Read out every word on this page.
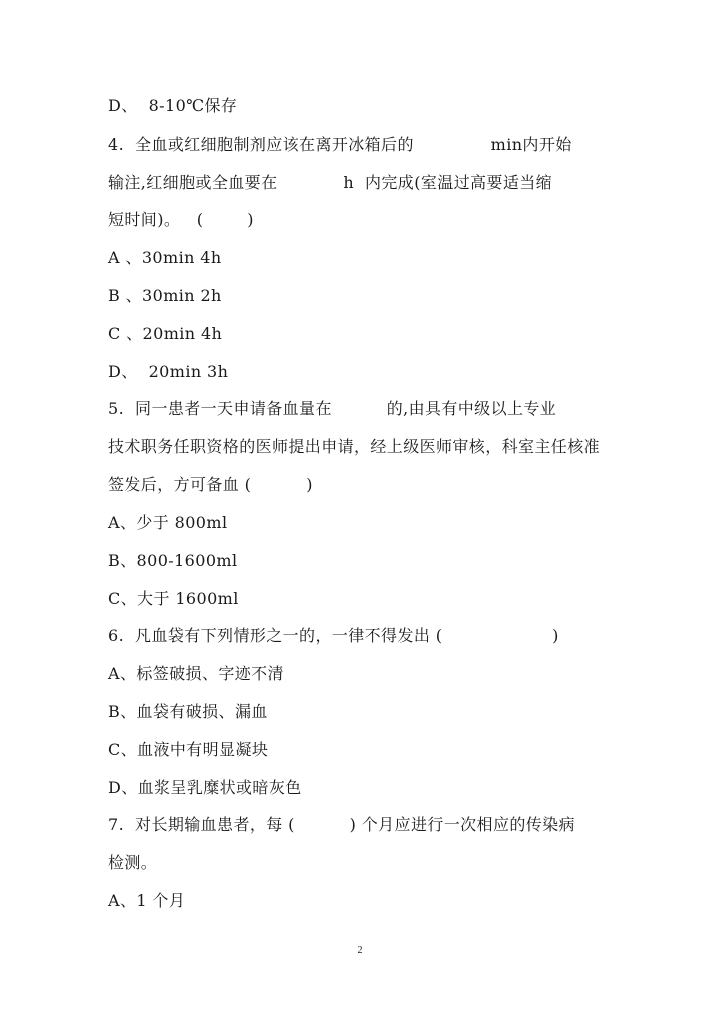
D、  8-10℃保存
4.  全血或红细胞制剂应该在离开冰箱后的              min内开始
输注,红细胞或全血要在            h  内完成(室温过高要适当缩
短时间)。   (        )
A 、30min 4h
B 、30min 2h
C 、20min 4h
D、  20min 3h
5.  同一患者一天申请备血量在          的,由具有中级以上专业
技术职务任职资格的医师提出申请，经上级医师审核，科室主任核准
签发后，方可备血 (          )
A、少于 800ml
B、800-1600ml
C、大于 1600ml
6.  凡血袋有下列情形之一的，一律不得发出 (                    )
A、标签破损、字迹不清
B、血袋有破损、漏血
C、血液中有明显凝块
D、血浆呈乳糜状或暗灰色
7.  对长期输血患者，每 (          ) 个月应进行一次相应的传染病
检测。
A、1 个月
2
